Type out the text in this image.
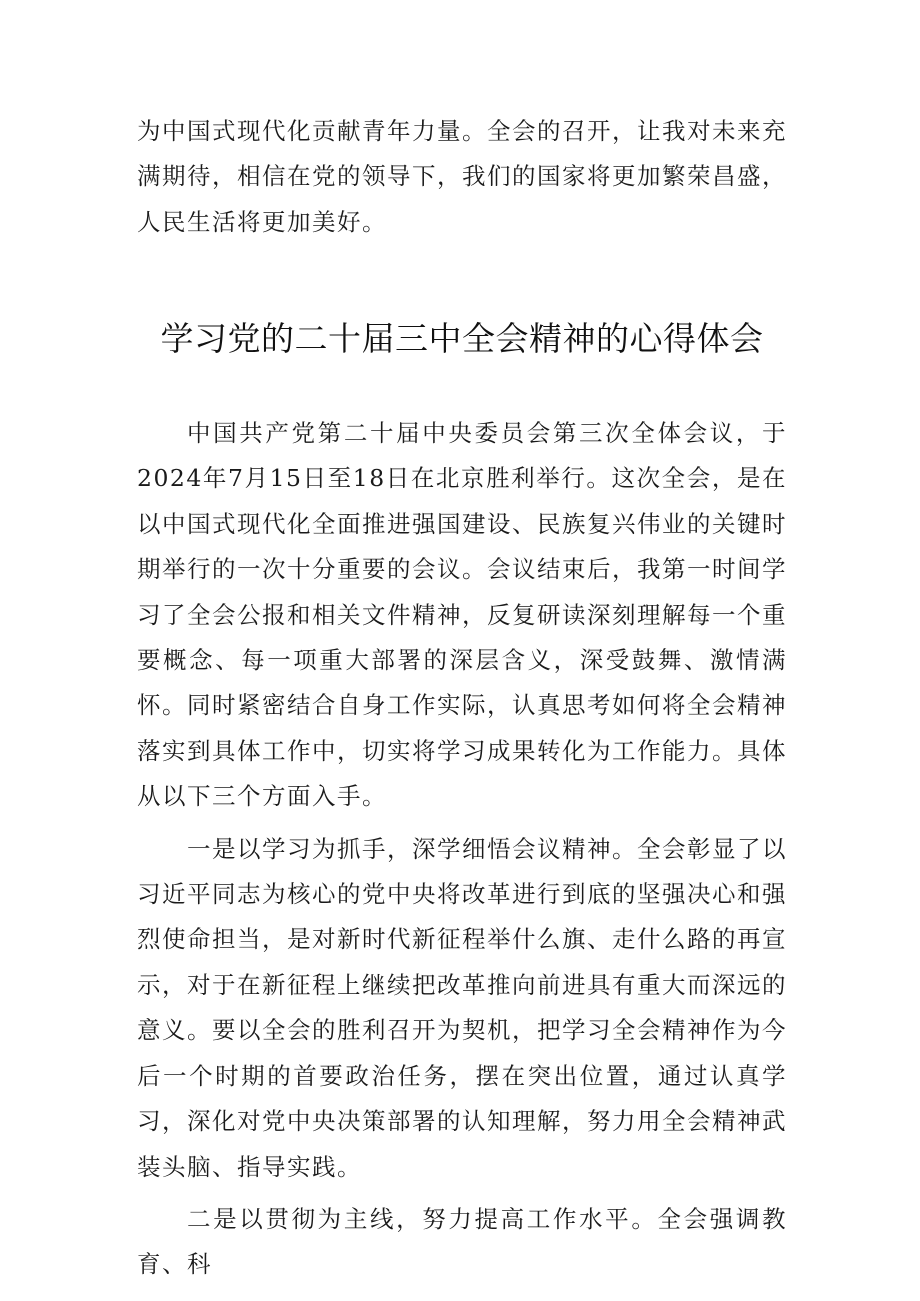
为中国式现代化贡献青年力量。全会的召开，让我对未来充满期待，相信在党的领导下，我们的国家将更加繁荣昌盛，人民生活将更加美好。

学习党的二十届三中全会精神的心得体会

中国共产党第二十届中央委员会第三次全体会议，于2024年7月15日至18日在北京胜利举行。这次全会，是在以中国式现代化全面推进强国建设、民族复兴伟业的关键时期举行的一次十分重要的会议。会议结束后，我第一时间学习了全会公报和相关文件精神，反复研读深刻理解每一个重要概念、每一项重大部署的深层含义，深受鼓舞、激情满怀。同时紧密结合自身工作实际，认真思考如何将全会精神落实到具体工作中，切实将学习成果转化为工作能力。具体从以下三个方面入手。

一是以学习为抓手，深学细悟会议精神。全会彰显了以习近平同志为核心的党中央将改革进行到底的坚强决心和强烈使命担当，是对新时代新征程举什么旗、走什么路的再宣示，对于在新征程上继续把改革推向前进具有重大而深远的意义。要以全会的胜利召开为契机，把学习全会精神作为今后一个时期的首要政治任务，摆在突出位置，通过认真学习，深化对党中央决策部署的认知理解，努力用全会精神武装头脑、指导实践。

二是以贯彻为主线，努力提高工作水平。全会强调教育、科
